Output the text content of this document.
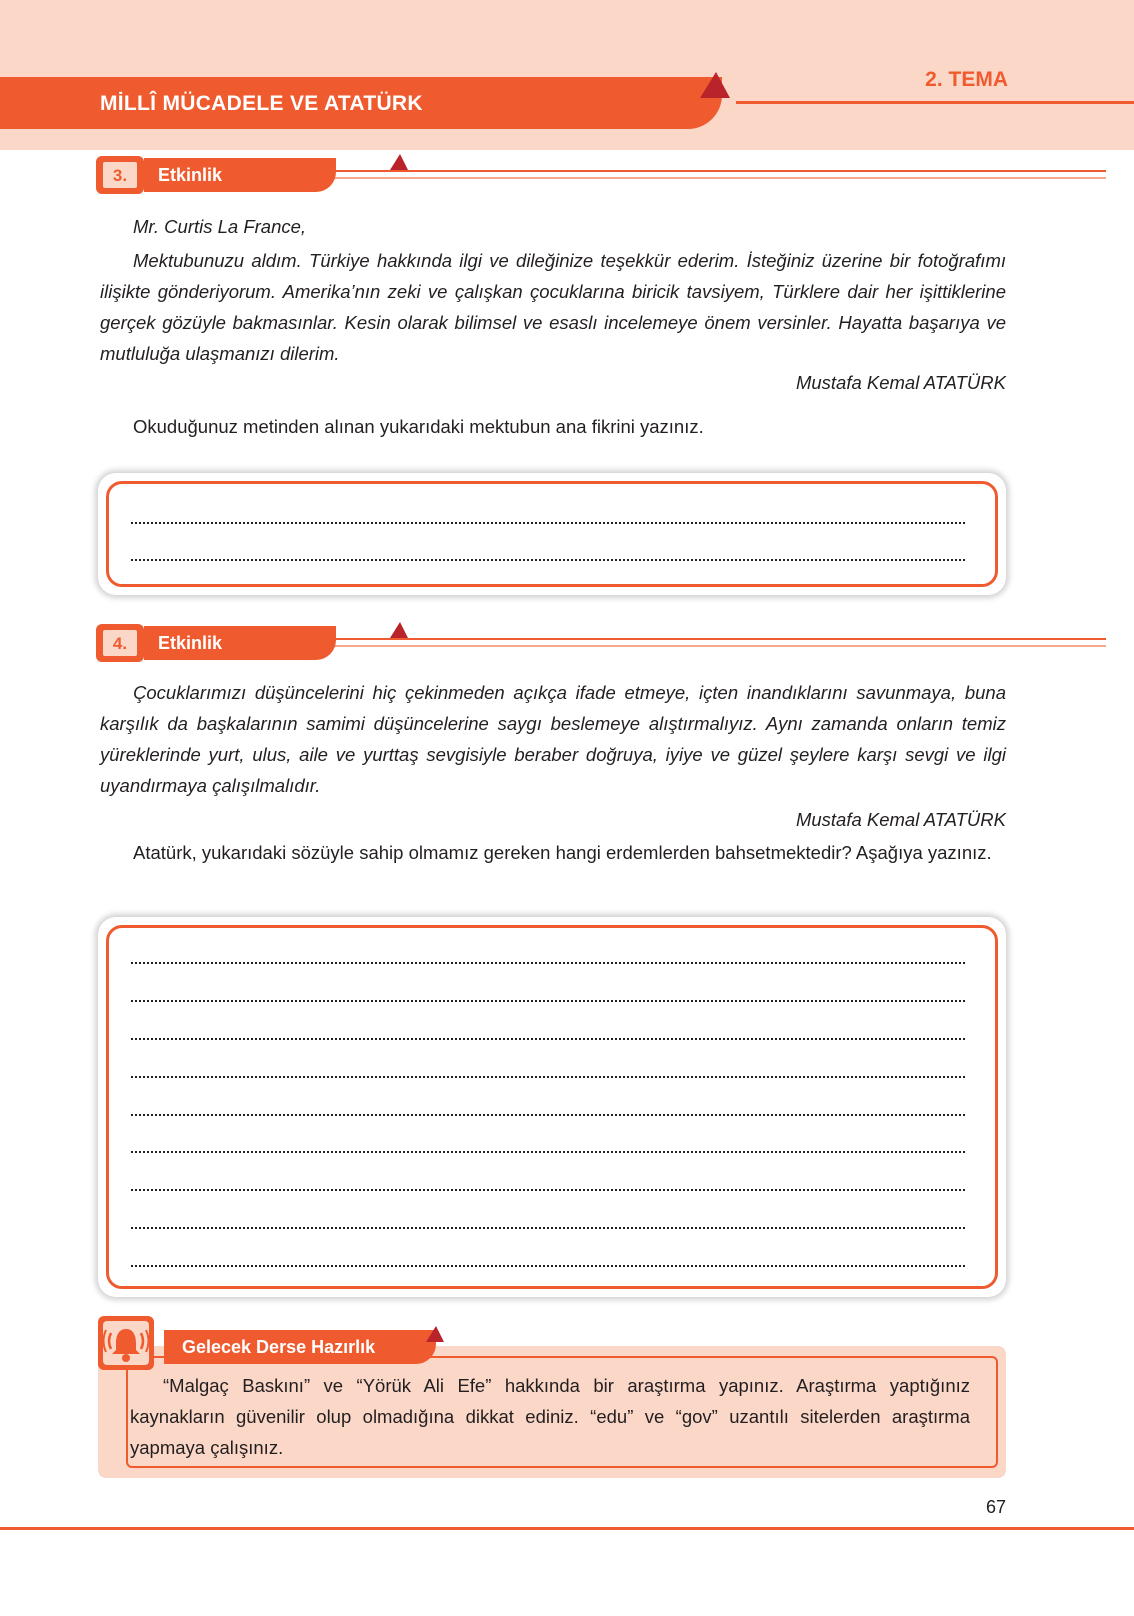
MİLLÎ MÜCADELE VE ATATÜRK
2. TEMA
Etkinlik
3.

Mr. Curtis La France,

Mektubunuzu aldım. Türkiye hakkında ilgi ve dileğinize teşekkür ederim. İsteğiniz üzerine bir fotoğrafımı ilişikte gönderiyorum. Amerika’nın zeki ve çalışkan çocuklarına biricik tavsiyem, Türklere dair her işittiklerine gerçek gözüyle bakmasınlar. Kesin olarak bilimsel ve esaslı incelemeye önem versinler. Hayatta başarıya ve mutluluğa ulaşmanızı dilerim.

Mustafa Kemal ATATÜRK

Okuduğunuz metinden alınan yukarıdaki mektubun ana fikrini yazınız.

Etkinlik
4.

Çocuklarımızı düşüncelerini hiç çekinmeden açıkça ifade etmeye, içten inandıklarını savunmaya, buna karşılık da başkalarının samimi düşüncelerine saygı beslemeye alıştırmalıyız. Aynı zamanda onların temiz yüreklerinde yurt, ulus, aile ve yurttaş sevgisiyle beraber doğruya, iyiye ve güzel şeylere karşı sevgi ve ilgi uyandırmaya çalışılmalıdır.

Mustafa Kemal ATATÜRK

Atatürk, yukarıdaki sözüyle sahip olmamız gereken hangi erdemlerden bahsetmektedir? Aşağıya yazınız.

Gelecek Derse Hazırlık

“Malgaç Baskını” ve “Yörük Ali Efe” hakkında bir araştırma yapınız. Araştırma yaptığınız kaynakların güvenilir olup olmadığına dikkat ediniz. “edu” ve “gov” uzantılı sitelerden araştırma yapmaya çalışınız.

67
